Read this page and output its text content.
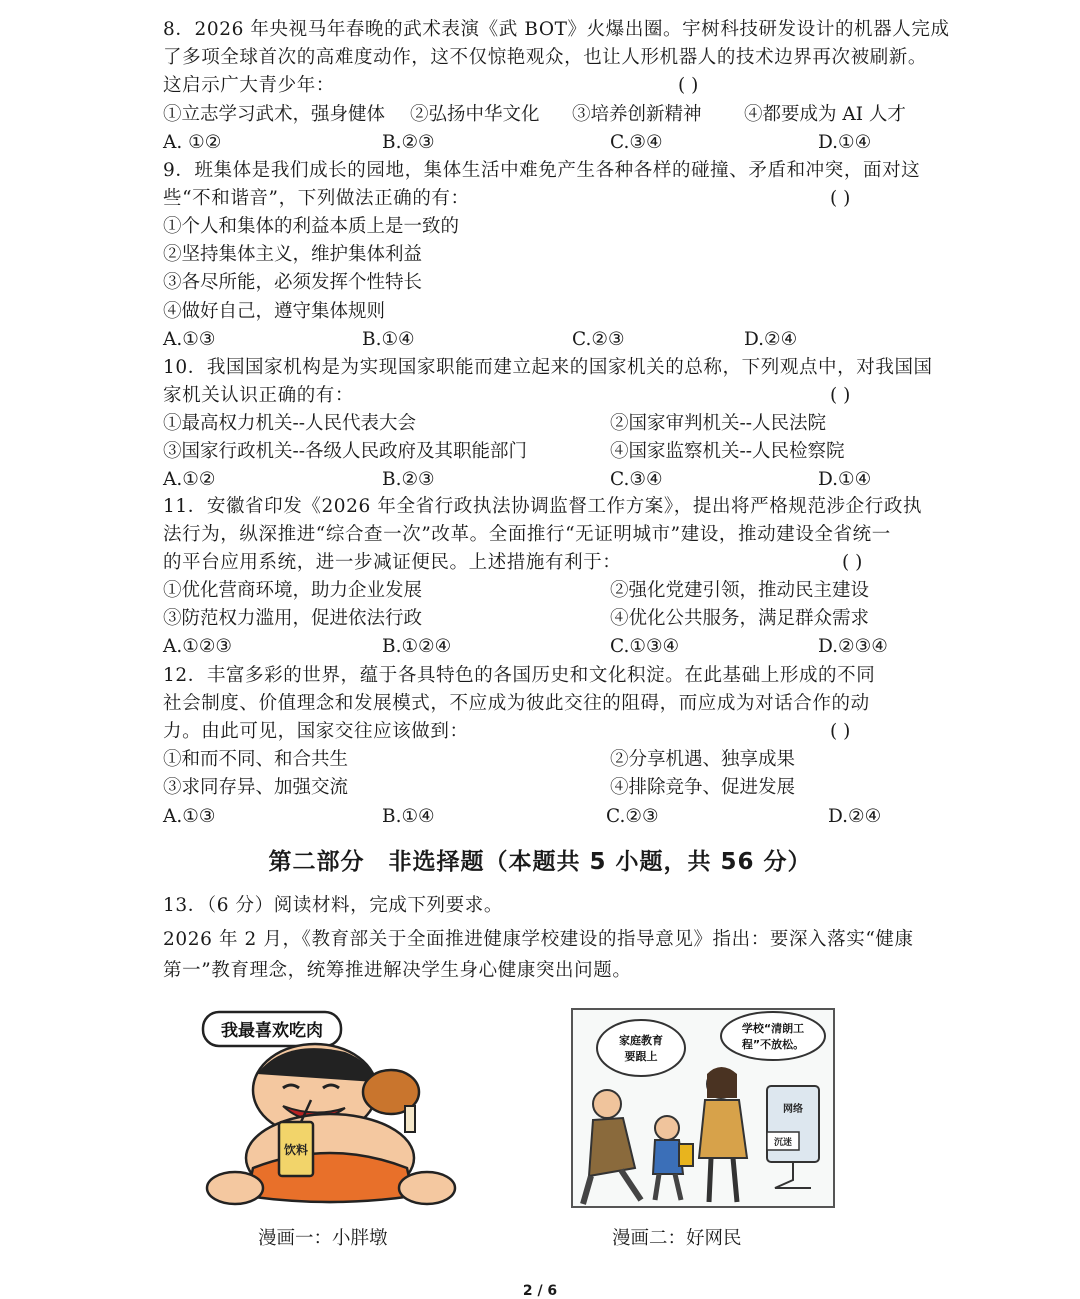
8．2026 年央视马年春晚的武术表演《武 BOT》火爆出圈。宇树科技研发设计的机器人完成
了多项全球首次的高难度动作，这不仅惊艳观众，也让人形机器人的技术边界再次被刷新。
这启示广大青少年：	( )
①立志学习武术，强身健体 ②弘扬中华文化 ③培养创新精神 ④都要成为 AI 人才
A. ①②	B.②③	C.③④	D.①④
9．班集体是我们成长的园地，集体生活中难免产生各种各样的碰撞、矛盾和冲突，面对这
些“不和谐音”，下列做法正确的有：	( )
①个人和集体的利益本质上是一致的
②坚持集体主义，维护集体利益
③各尽所能，必须发挥个性特长
④做好自己，遵守集体规则
A.①③	B.①④	C.②③	D.②④
10．我国国家机构是为实现国家职能而建立起来的国家机关的总称，下列观点中，对我国国
家机关认识正确的有：	( )
①最高权力机关--人民代表大会	②国家审判机关--人民法院
③国家行政机关--各级人民政府及其职能部门	④国家监察机关--人民检察院
A.①②	B.②③	C.③④	D.①④
11．安徽省印发《2026 年全省行政执法协调监督工作方案》，提出将严格规范涉企行政执
法行为，纵深推进“综合查一次”改革。全面推行“无证明城市”建设，推动建设全省统一
的平台应用系统，进一步减证便民。上述措施有利于：	( )
①优化营商环境，助力企业发展	②强化党建引领，推动民主建设
③防范权力滥用，促进依法行政	④优化公共服务，满足群众需求
A.①②③	B.①②④	C.①③④	D.②③④
12．丰富多彩的世界，蕴于各具特色的各国历史和文化积淀。在此基础上形成的不同
社会制度、价值理念和发展模式，不应成为彼此交往的阻碍，而应成为对话合作的动
力。由此可见，国家交往应该做到：	( )
①和而不同、和合共生	②分享机遇、独享成果
③求同存异、加强交流	④排除竞争、促进发展
A.①③	B.①④	C.②③	D.②④
第二部分　非选择题（本题共 5 小题，共 56 分）
13．（6 分）阅读材料，完成下列要求。
2026 年 2 月，《教育部关于全面推进健康学校建设的指导意见》指出：要深入落实“健康
第一”教育理念，统筹推进解决学生身心健康突出问题。
我最喜欢吃肉
饮料
漫画一：小胖墩
家庭教育
要跟上
学校“清朗工
程”不放松。
网络
沉迷
漫画二：好网民
2 / 6
